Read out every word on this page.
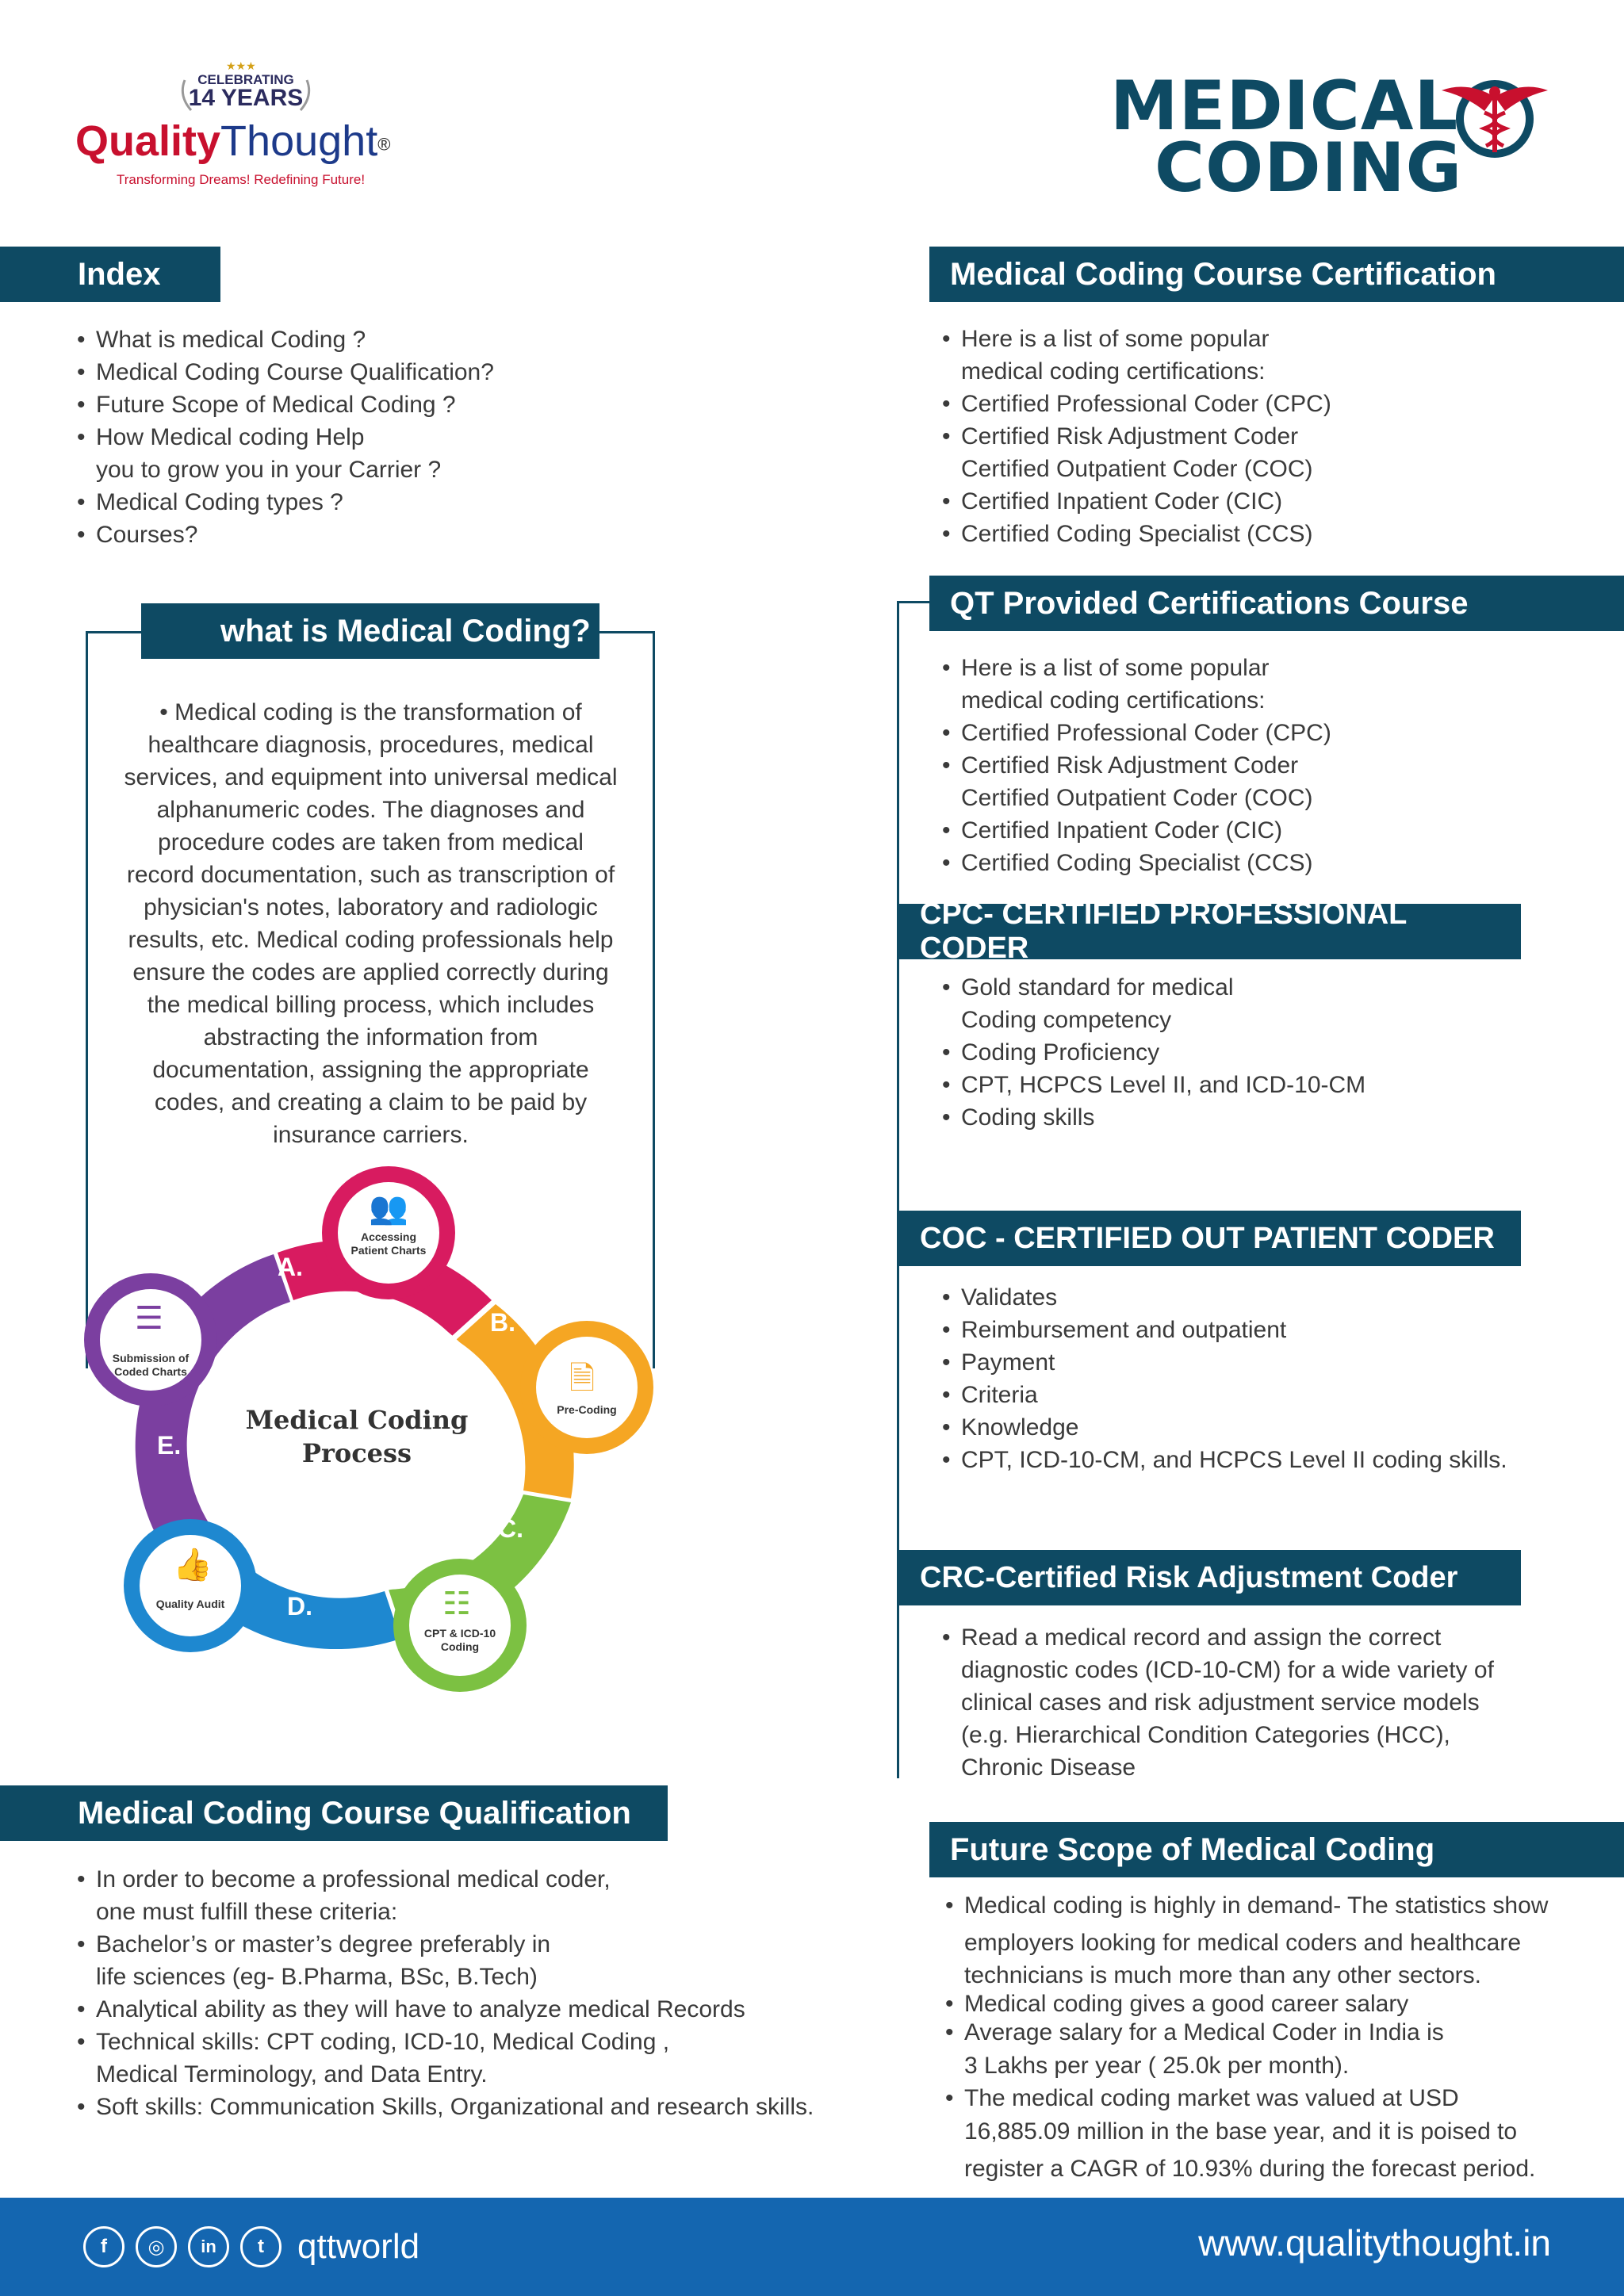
★★★
CELEBRATING
14 YEARS
QualityThought®
Transforming Dreams! Redefining Future!
MEDICAL
CODING
Index
• What is medical Coding ?
• Medical Coding Course Qualification?
• Future Scope of Medical Coding ?
• How Medical coding Help
you to grow you in your Carrier ?
• Medical Coding types ?
• Courses?
what is Medical Coding?
• Medical coding is the transformation of
healthcare diagnosis, procedures, medical
services, and equipment into universal medical
alphanumeric codes. The diagnoses and
procedure codes are taken from medical
record documentation, such as transcription of
physician's notes, laboratory and radiologic
results, etc. Medical coding professionals help
ensure the codes are applied correctly during
the medical billing process, which includes
abstracting the information from
documentation, assigning the appropriate
codes, and creating a claim to be paid by
insurance carriers.
Medical Coding
Process
👥
🗎
☷
👍
☰
Accessing
Patient Charts
Pre-Coding
CPT & ICD-10
Coding
Quality Audit
Submission of
Coded Charts
A.
B.
C.
D.
E.
Medical Coding Course Qualification
• In order to become a professional medical coder,
one must fulfill these criteria:
• Bachelor’s or master’s degree preferably in
life sciences (eg- B.Pharma, BSc, B.Tech)
• Analytical ability as they will have to analyze medical Records
• Technical skills: CPT coding, ICD-10, Medical Coding ,
Medical Terminology, and Data Entry.
• Soft skills: Communication Skills, Organizational and research skills.
Medical Coding Course Certification
• Here is a list of some popular
medical coding certifications:
• Certified Professional Coder (CPC)
• Certified Risk Adjustment Coder
Certified Outpatient Coder (COC)
• Certified Inpatient Coder (CIC)
• Certified Coding Specialist (CCS)
QT Provided Certifications Course
• Here is a list of some popular
medical coding certifications:
• Certified Professional Coder (CPC)
• Certified Risk Adjustment Coder
Certified Outpatient Coder (COC)
• Certified Inpatient Coder (CIC)
• Certified Coding Specialist (CCS)
CPC- CERTIFIED PROFESSIONAL CODER
• Gold standard for medical
Coding competency
• Coding Proficiency
• CPT, HCPCS Level II, and ICD-10-CM
• Coding skills
COC - CERTIFIED OUT PATIENT CODER
• Validates
• Reimbursement and outpatient
• Payment
• Criteria
• Knowledge
• CPT, ICD-10-CM, and HCPCS Level II coding skills.
CRC-Certified Risk Adjustment Coder
• Read a medical record and assign the correct
diagnostic codes (ICD-10-CM) for a wide variety of
clinical cases and risk adjustment service models
(e.g. Hierarchical Condition Categories (HCC),
Chronic Disease
Future Scope of Medical Coding
• Medical coding is highly in demand- The statistics show
employers looking for medical coders and healthcare
technicians is much more than any other sectors.
• Medical coding gives a good career salary
• Average salary for a Medical Coder in India is
3 Lakhs per year ( 25.0k per month).
• The medical coding market was valued at USD
16,885.09 million in the base year, and it is poised to
register a CAGR of 10.93% during the forecast period.
f	◎	in	t qttworld	www.qualitythought.in
